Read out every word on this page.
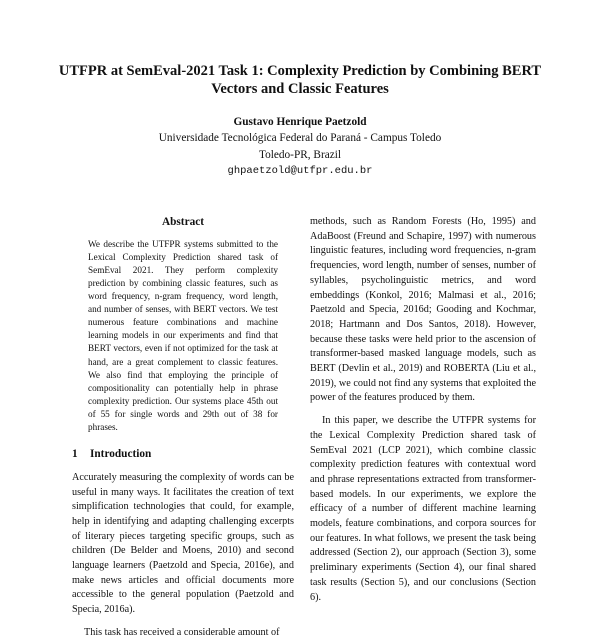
UTFPR at SemEval-2021 Task 1: Complexity Prediction by Combining BERT Vectors and Classic Features
Gustavo Henrique Paetzold
Universidade Tecnológica Federal do Paraná - Campus Toledo
Toledo-PR, Brazil
ghpaetzold@utfpr.edu.br
Abstract

We describe the UTFPR systems submitted to the Lexical Complexity Prediction shared task of SemEval 2021. They perform complexity prediction by combining classic features, such as word frequency, n-gram frequency, word length, and number of senses, with BERT vectors. We test numerous feature combinations and machine learning models in our experiments and find that BERT vectors, even if not optimized for the task at hand, are a great complement to classic features. We also find that employing the principle of compositionality can potentially help in phrase complexity prediction. Our systems place 45th out of 55 for single words and 29th out of 38 for phrases.

1 Introduction

Accurately measuring the complexity of words can be useful in many ways. It facilitates the creation of text simplification technologies that could, for example, help in identifying and adapting challenging excerpts of literary pieces targeting specific groups, such as children (De Belder and Moens, 2010) and second language learners (Paetzold and Specia, 2016e), and make news articles and official documents more accessible to the general population (Paetzold and Specia, 2016a).

This task has received a considerable amount of

methods, such as Random Forests (Ho, 1995) and AdaBoost (Freund and Schapire, 1997) with numerous linguistic features, including word frequencies, n-gram frequencies, word length, number of senses, number of syllables, psycholinguistic metrics, and word embeddings (Konkol, 2016; Malmasi et al., 2016; Paetzold and Specia, 2016d; Gooding and Kochmar, 2018; Hartmann and Dos Santos, 2018). However, because these tasks were held prior to the ascension of transformer-based masked language models, such as BERT (Devlin et al., 2019) and ROBERTA (Liu et al., 2019), we could not find any systems that exploited the power of the features produced by them.

In this paper, we describe the UTFPR systems for the Lexical Complexity Prediction shared task of SemEval 2021 (LCP 2021), which combine classic complexity prediction features with contextual word and phrase representations extracted from transformer-based models. In our experiments, we explore the efficacy of a number of different machine learning models, feature combinations, and corpora sources for our features. In what follows, we present the task being addressed (Section 2), our approach (Section 3), some preliminary experiments (Section 4), our final shared task results (Section 5), and our conclusions (Section 6).
